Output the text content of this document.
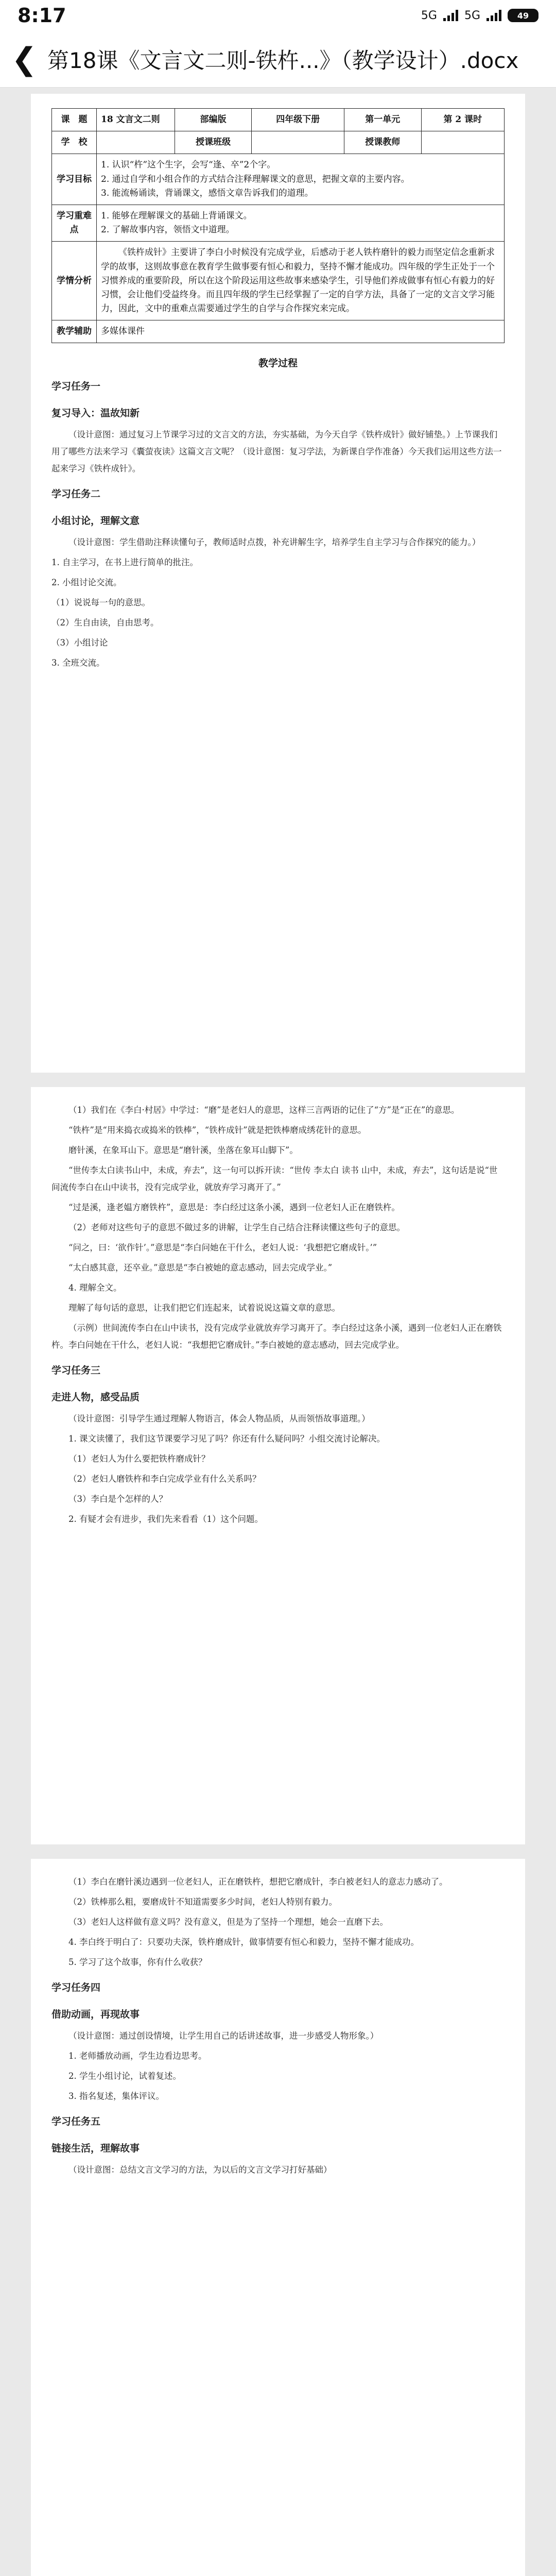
8:17	5G 5G	49
❮ 第18课《文言文二则-铁杵...》（教学设计）.docx
课　题	18 文言文二则	部编版	四年级下册	第一单元	第 2 课时
学　校		授课班级		授课教师	
学习目标	1. 认识“杵”这个生字，会写“逢、卒”2个字。
2. 通过自学和小组合作的方式结合注释理解课文的意思，把握文章的主要内容。
3. 能流畅诵读，背诵课文，感悟文章告诉我们的道理。				
学习重难点	1. 能够在理解课文的基础上背诵课文。
2. 了解故事内容，领悟文中道理。				
学情分析	《铁杵成针》主要讲了李白小时候没有完成学业，后感动于老人铁杵磨针的毅力而坚定信念重新求学的故事，这则故事意在教育学生做事要有恒心和毅力，坚持不懈才能成功。四年级的学生正处于一个习惯养成的重要阶段，所以在这个阶段运用这些故事来感染学生，引导他们养成做事有恒心有毅力的好习惯，会让他们受益终身。而且四年级的学生已经掌握了一定的自学方法，具备了一定的文言文学习能力，因此，文中的重难点需要通过学生的自学与合作探究来完成。				
教学辅助	多媒体课件				
教学过程
学习任务一
复习导入：温故知新

（设计意图：通过复习上节课学习过的文言文的方法，夯实基础，为今天自学《铁杵成针》做好铺垫。）上节课我们用了哪些方法来学习《囊萤夜读》这篇文言文呢？（设计意图：复习学法，为新课自学作准备）今天我们运用这些方法一起来学习《铁杵成针》。

学习任务二
小组讨论，理解文意

（设计意图：学生借助注释读懂句子，教师适时点拨，补充讲解生字，培养学生自主学习与合作探究的能力。）

1. 自主学习，在书上进行简单的批注。

2. 小组讨论交流。

（1）说说每一句的意思。

（2）生自由读，自由思考。

（3）小组讨论

3. 全班交流。

（1）我们在《李白·村居》中学过：“磨”是老妇人的意思，这样三言两语的记住了“方”是“正在”的意思。

“铁杵”是“用来捣衣或捣米的铁棒”，“铁杵成针”就是把铁棒磨成绣花针的意思。

磨针溪，在象耳山下。意思是“磨针溪，坐落在象耳山脚下”。

“世传李太白读书山中，未成，弃去”，这一句可以拆开读：“世传 李太白 读书 山中，未成，弃去”，这句话是说“世间流传李白在山中读书，没有完成学业，就放弃学习离开了。”

“过是溪，逢老媪方磨铁杵”，意思是：李白经过这条小溪，遇到一位老妇人正在磨铁杵。

（2）老师对这些句子的意思不做过多的讲解，让学生自己结合注释读懂这些句子的意思。

“问之，曰：‘欲作针’。”意思是“李白问她在干什么，老妇人说：‘我想把它磨成针。’”

“太白感其意，还卒业。”意思是“李白被她的意志感动，回去完成学业。”

4. 理解全文。

理解了每句话的意思，让我们把它们连起来，试着说说这篇文章的意思。

（示例）世间流传李白在山中读书，没有完成学业就放弃学习离开了。李白经过这条小溪，遇到一位老妇人正在磨铁杵。李白问她在干什么，老妇人说：“我想把它磨成针。”李白被她的意志感动，回去完成学业。

学习任务三
走进人物，感受品质

（设计意图：引导学生通过理解人物语言，体会人物品质，从而领悟故事道理。）

1. 课文读懂了，我们这节课要学习见了吗？你还有什么疑问吗？小组交流讨论解决。

（1）老妇人为什么要把铁杵磨成针？

（2）老妇人磨铁杵和李白完成学业有什么关系吗？

（3）李白是个怎样的人？

2. 有疑才会有进步，我们先来看看（1）这个问题。

（1）李白在磨针溪边遇到一位老妇人，正在磨铁杵，想把它磨成针，李白被老妇人的意志力感动了。

（2）铁棒那么粗，要磨成针不知道需要多少时间，老妇人特别有毅力。

（3）老妇人这样做有意义吗？没有意义，但是为了坚持一个理想，她会一直磨下去。

4. 李白终于明白了：只要功夫深，铁杵磨成针，做事情要有恒心和毅力，坚持不懈才能成功。

5. 学习了这个故事，你有什么收获？

学习任务四
借助动画，再现故事

（设计意图：通过创设情境，让学生用自己的话讲述故事，进一步感受人物形象。）

1. 老师播放动画，学生边看边思考。

2. 学生小组讨论，试着复述。

3. 指名复述，集体评议。

学习任务五
链接生活，理解故事

（设计意图：总结文言文学习的方法，为以后的文言文学习打好基础）
